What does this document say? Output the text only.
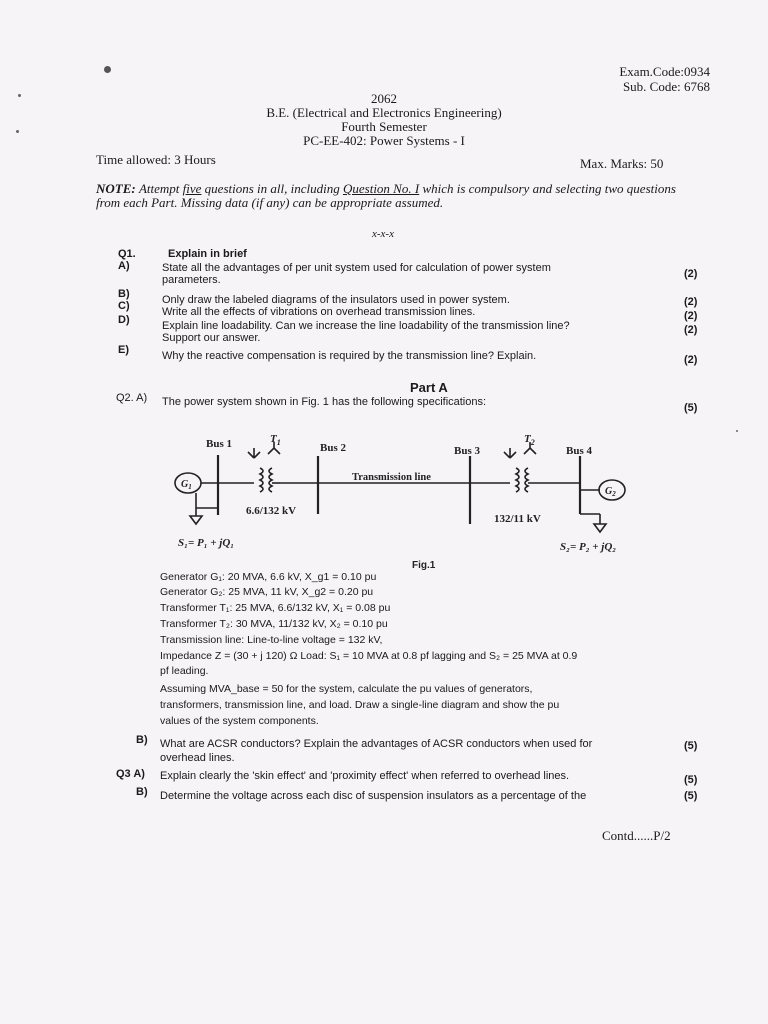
Exam.Code:0934
Sub. Code: 6768
2062
B.E. (Electrical and Electronics Engineering)
Fourth Semester
PC-EE-402: Power Systems - I
Time allowed: 3 Hours	Max. Marks: 50
NOTE: Attempt five questions in all, including Question No. I which is compulsory and selecting two questions from each Part. Missing data (if any) can be appropriate assumed.
x-x-x
Q1.	Explain in brief
A)	State all the advantages of per unit system used for calculation of power system
parameters.	(2)
B)	Only draw the labeled diagrams of the insulators used in power system.	(2)
C)	Write all the effects of vibrations on overhead transmission lines.	(2)
D)	Explain line loadability. Can we increase the line loadability of the transmission line?
Support our answer.
(2)
E)	Why the reactive compensation is required by the transmission line? Explain.	(2)
Part A
Q2. A) The power system shown in Fig. 1 has the following specifications:	(5)
Bus 1	Bus 2	Bus 3	Bus 4
$T_1$	$T_2$
$G_1$	$G_2$
Transmission line
6.6/132 kV
132/11 kV
S₁= P₁ + jQ₁	S₂= P₂ + jQ₂
Fig.1
Generator G₁: 20 MVA, 6.6 kV, X_g1 = 0.10 pu
Generator G₂: 25 MVA, 11 kV, X_g2 = 0.20 pu
Transformer T₁: 25 MVA, 6.6/132 kV, X₁ = 0.08 pu
Transformer T₂: 30 MVA, 11/132 kV, X₂ = 0.10 pu
Transmission line: Line-to-line voltage = 132 kV,
Impedance Z = (30 + j 120) Ω Load: S₁ = 10 MVA at 0.8 pf lagging and S₂ = 25 MVA at 0.9
pf leading.
Assuming MVA_base = 50 for the system, calculate the pu values of generators,
transformers, transmission line, and load. Draw a single-line diagram and show the pu
values of the system components.
B) What are ACSR conductors? Explain the advantages of ACSR conductors when used for
overhead lines.
(5)
Q3 A) Explain clearly the 'skin effect' and 'proximity effect' when referred to overhead lines.	(5)
B) Determine the voltage across each disc of suspension insulators as a percentage of the	(5)
Contd......P/2
